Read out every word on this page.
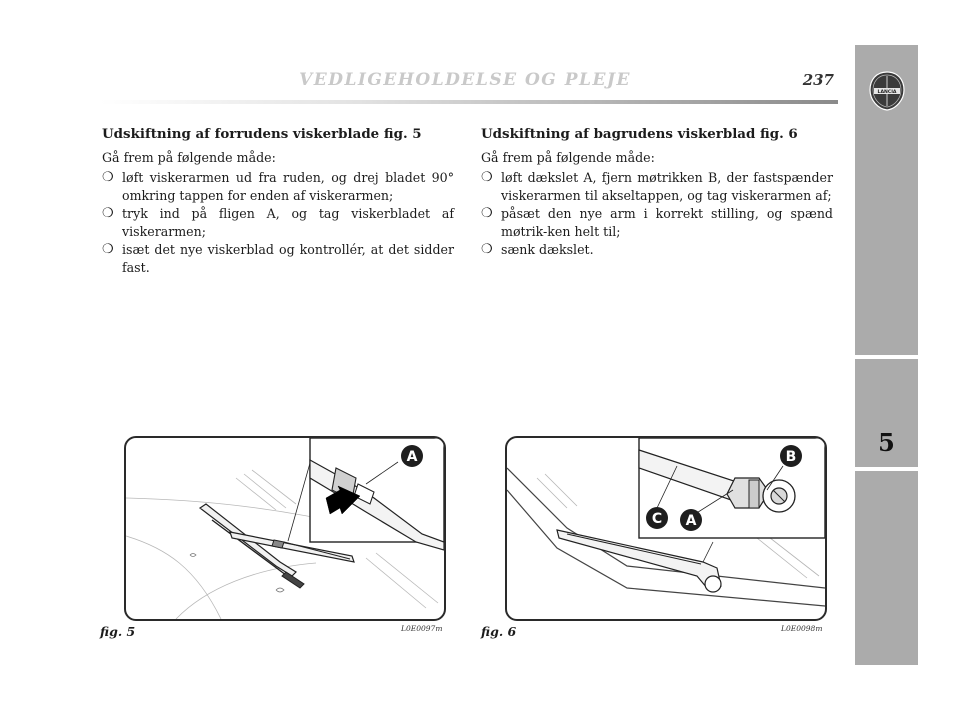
VEDLIGEHOLDELSE OG PLEJE	237
LANCIA
5
Udskiftning af forrudens viskerblade fig. 5
Gå frem på følgende måde:
❍ løft viskerarmen ud fra ruden, og drej bladet 90° omkring tappen for enden af viskerarmen;
❍ tryk ind på fligen A, og tag viskerbladet af viskerarmen;
❍ isæt det nye viskerblad og kontrollér, at det sidder fast.
Udskiftning af bagrudens viskerblad fig. 6
Gå frem på følgende måde:
❍ løft dækslet A, fjern møtrikken B, der fastspænder viskerarmen til akseltappen, og tag viskerarmen af;
❍ påsæt den nye arm i korrekt stilling, og spænd møtrik-ken helt til;
❍ sænk dækslet.
A
fig. 5	L0E0097m
B
C A
fig. 6	L0E0098m
